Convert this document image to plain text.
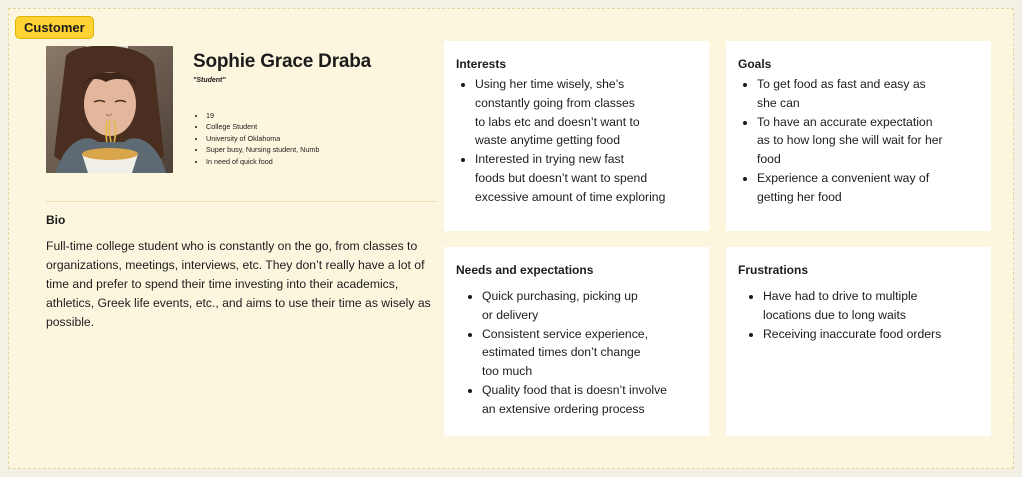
Customer
Sophie Grace Draba
"Student"
• 19
• College Student
• University of Oklahoma
• Super busy, Nursing student, Numb
• In need of quick food
Bio
Full-time college student who is constantly on the go, from classes to organizations, meetings, interviews, etc. They don’t really have a lot of time and prefer to spend their time investing into their academics, athletics, Greek life events, etc., and aims to use their time as wisely as possible.
Interests
• Using her time wisely, she’s
constantly going from classes
to labs etc and doesn’t want to
waste anytime getting food
• Interested in trying new fast
foods but doesn’t want to spend
excessive amount of time exploring
Goals
• To get food as fast and easy as
she can
• To have an accurate expectation
as to how long she will wait for her
food
• Experience a convenient way of
getting her food
Needs and expectations
• Quick purchasing, picking up
or delivery
• Consistent service experience,
estimated times don’t change
too much
• Quality food that is doesn’t involve
an extensive ordering process
Frustrations
• Have had to drive to multiple
locations due to long waits
• Receiving inaccurate food orders
